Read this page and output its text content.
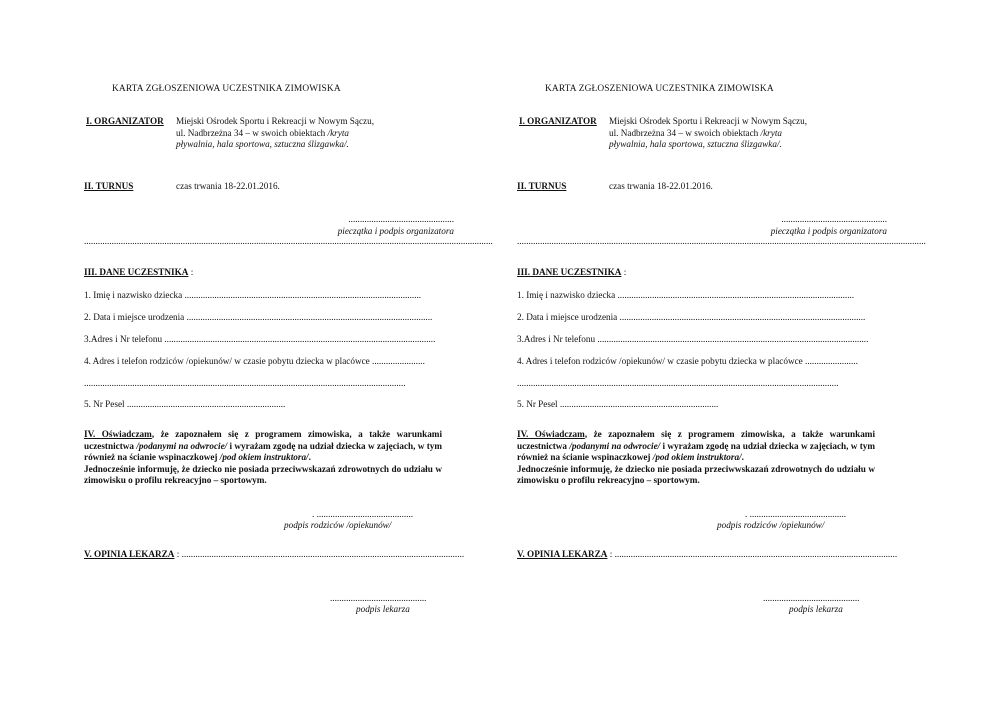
KARTA ZGŁOSZENIOWA UCZESTNIKA ZIMOWISKA
I. ORGANIZATOR Miejski Ośrodek Sportu i Rekreacji w Nowym Sączu,
ul. Nadbrzeżna 34 – w swoich obiektach /kryta
pływalnia, hala sportowa, sztuczna ślizgawka/.
II. TURNUS	czas trwania 18-22.01.2016.
..............................................
pieczątka i podpis organizatora
..................................................................................................................................................................................
III. DANE UCZESTNIKA :
1. Imię i nazwisko dziecka .......................................................................................................
2. Data i miejsce urodzenia ...........................................................................................................
3.Adres i Nr telefonu ......................................................................................................................
4. Adres i telefon rodziców /opiekunów/ w czasie pobytu dziecka w placówce .......................
............................................................................................................................................
5. Nr Pesel .....................................................................
IV. Oświadczam, że zapoznałem się z programem zimowiska, a także warunkami uczestnictwa /podanymi na odwrocie/ i wyrażam zgodę na udział dziecka w zajęciach, w tym również na ścianie wspinaczkowej /pod okiem instruktora/.
Jednocześnie informuję, że dziecko nie posiada przeciwwskazań zdrowotnych do udziału w zimowisku o profilu rekreacyjno – sportowym.
. ..........................................
podpis rodziców /opiekunów/
V. OPINIA LEKARZA : ...........................................................................................................................
..........................................
podpis lekarza
KARTA ZGŁOSZENIOWA UCZESTNIKA ZIMOWISKA
I. ORGANIZATOR Miejski Ośrodek Sportu i Rekreacji w Nowym Sączu,
ul. Nadbrzeżna 34 – w swoich obiektach /kryta
pływalnia, hala sportowa, sztuczna ślizgawka/.
II. TURNUS	czas trwania 18-22.01.2016.
..............................................
pieczątka i podpis organizatora
..................................................................................................................................................................................
III. DANE UCZESTNIKA :
1. Imię i nazwisko dziecka .......................................................................................................
2. Data i miejsce urodzenia ...........................................................................................................
3.Adres i Nr telefonu ......................................................................................................................
4. Adres i telefon rodziców /opiekunów/ w czasie pobytu dziecka w placówce .......................
............................................................................................................................................
5. Nr Pesel .....................................................................
IV. Oświadczam, że zapoznałem się z programem zimowiska, a także warunkami uczestnictwa /podanymi na odwrocie/ i wyrażam zgodę na udział dziecka w zajęciach, w tym również na ścianie wspinaczkowej /pod okiem instruktora/.
Jednocześnie informuję, że dziecko nie posiada przeciwwskazań zdrowotnych do udziału w zimowisku o profilu rekreacyjno – sportowym.
. ..........................................
podpis rodziców /opiekunów/
V. OPINIA LEKARZA : ...........................................................................................................................
..........................................
podpis lekarza
